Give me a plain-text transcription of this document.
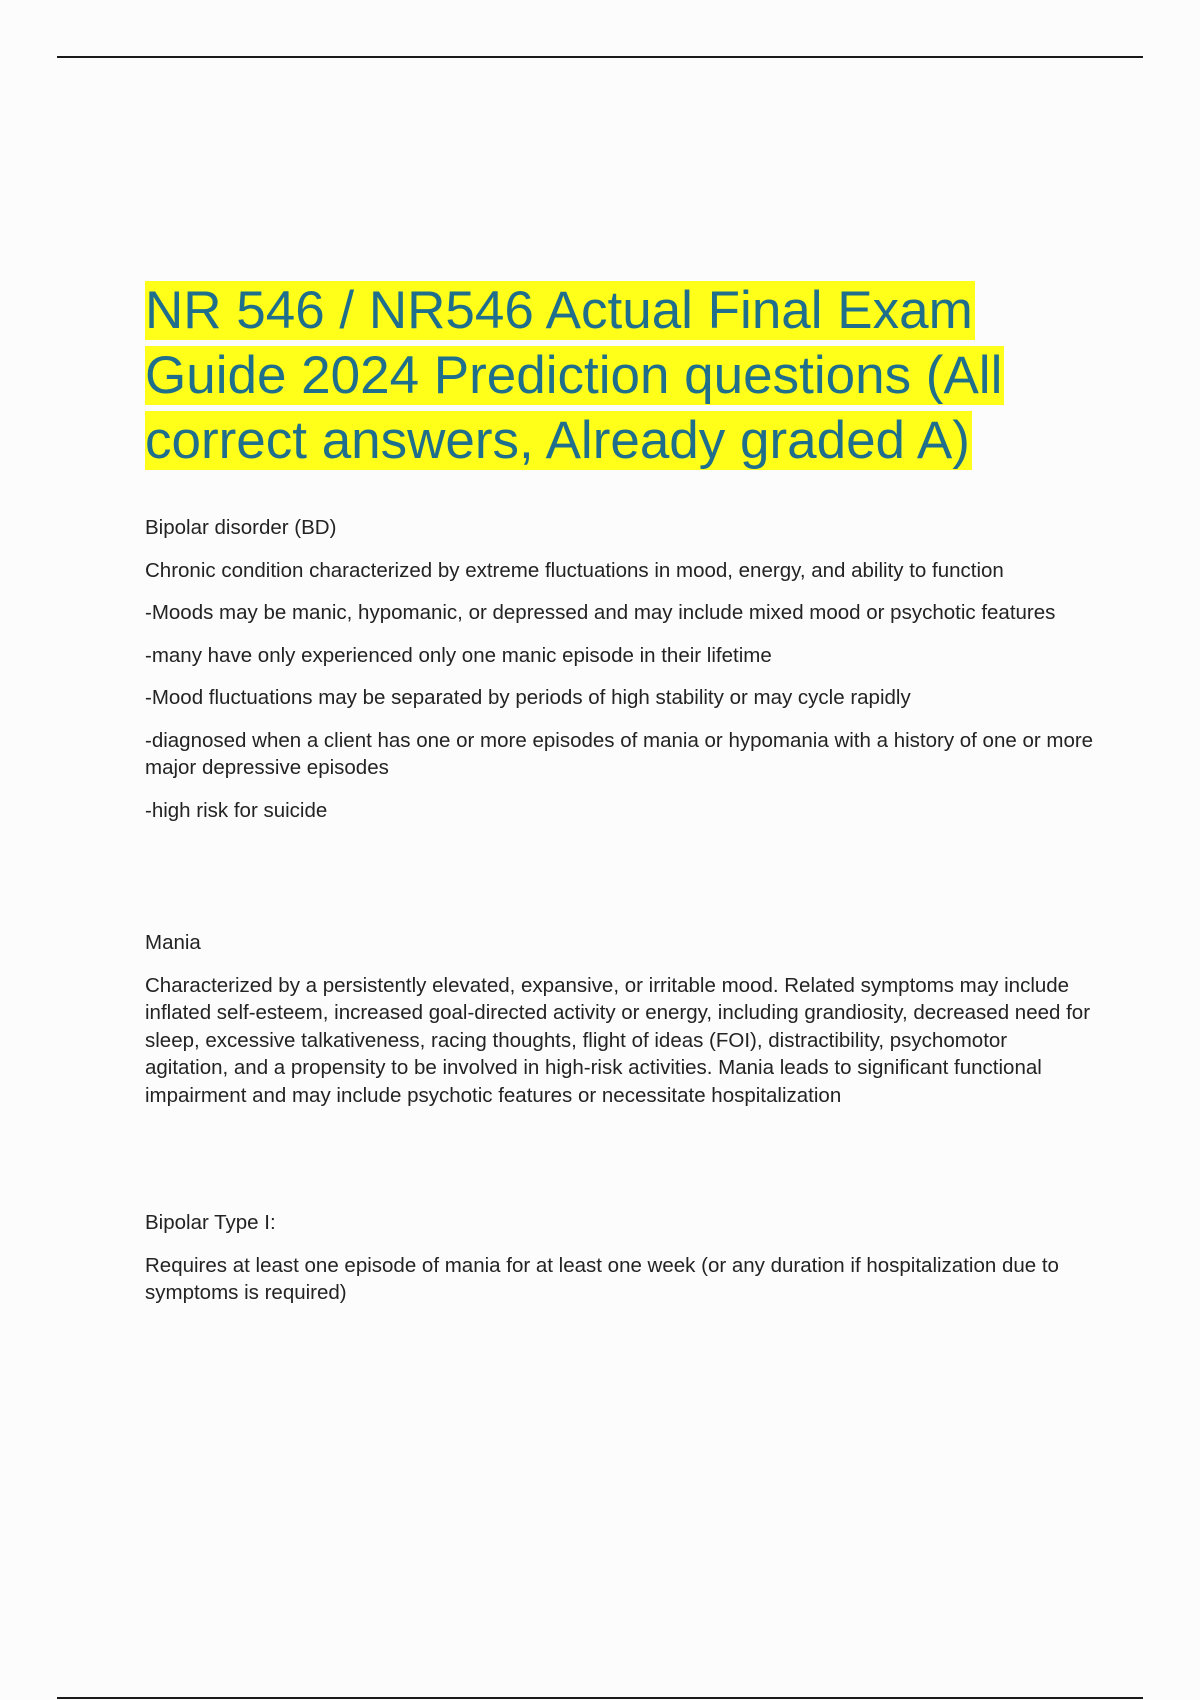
NR 546 / NR546 Actual Final Exam Guide 2024 Prediction questions (All correct answers, Already graded A)

Bipolar disorder (BD)

Chronic condition characterized by extreme fluctuations in mood, energy, and ability to function

-Moods may be manic, hypomanic, or depressed and may include mixed mood or psychotic features

-many have only experienced only one manic episode in their lifetime

-Mood fluctuations may be separated by periods of high stability or may cycle rapidly

-diagnosed when a client has one or more episodes of mania or hypomania with a history of one or more major depressive episodes

-high risk for suicide

Mania

Characterized by a persistently elevated, expansive, or irritable mood. Related symptoms may include inflated self-esteem, increased goal-directed activity or energy, including grandiosity, decreased need for sleep, excessive talkativeness, racing thoughts, flight of ideas (FOI), distractibility, psychomotor agitation, and a propensity to be involved in high-risk activities. Mania leads to significant functional impairment and may include psychotic features or necessitate hospitalization

Bipolar Type I:

Requires at least one episode of mania for at least one week (or any duration if hospitalization due to symptoms is required)
